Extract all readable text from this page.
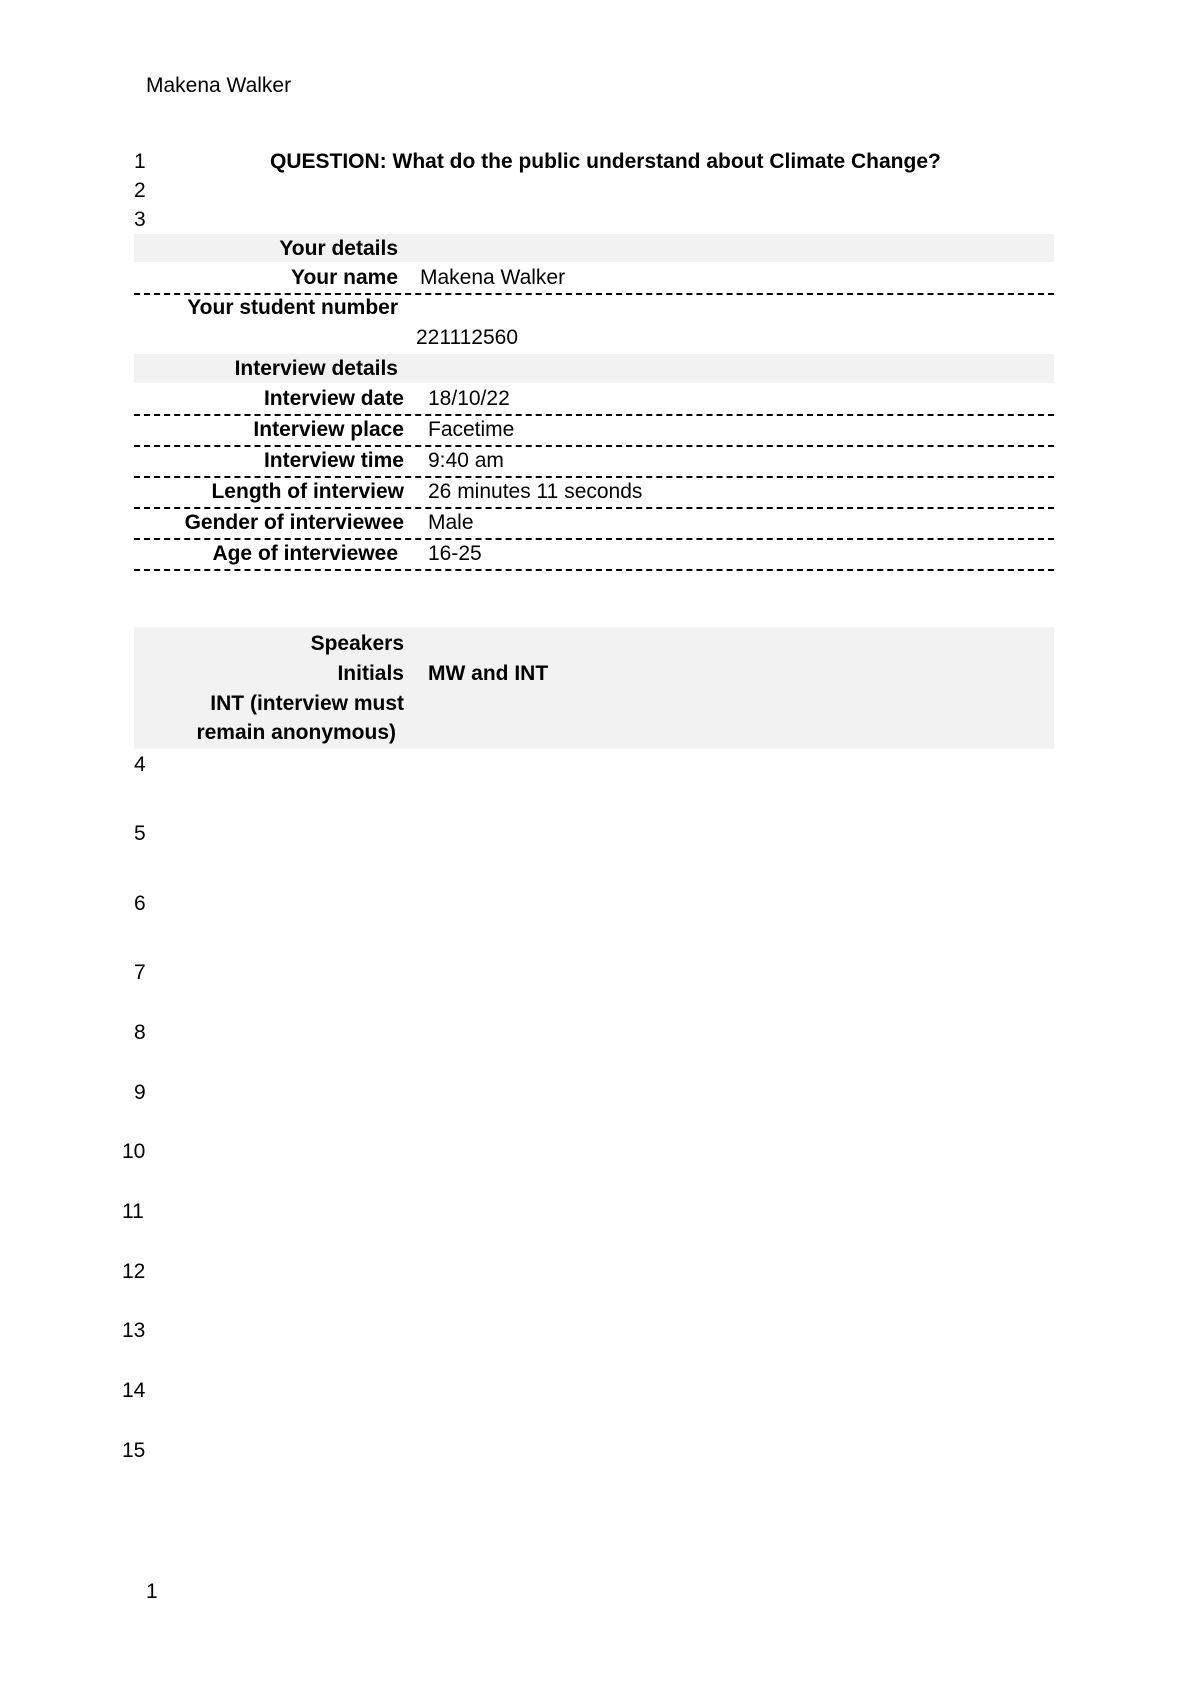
Makena Walker
1	QUESTION: What do the public understand about Climate Change?
2
3
Your details
Your name Makena Walker
Your student number
221112560
Interview details
Interview date 18/10/22
Interview place Facetime
Interview time 9:40 am
Length of interview 26 minutes 11 seconds
Gender of interviewee Male
Age of interviewee 16-25
Speakers
Initials MW and INT
INT (interview must
remain anonymous)
4
5
6
7
8
9
10
11
12
13
14
15
1
